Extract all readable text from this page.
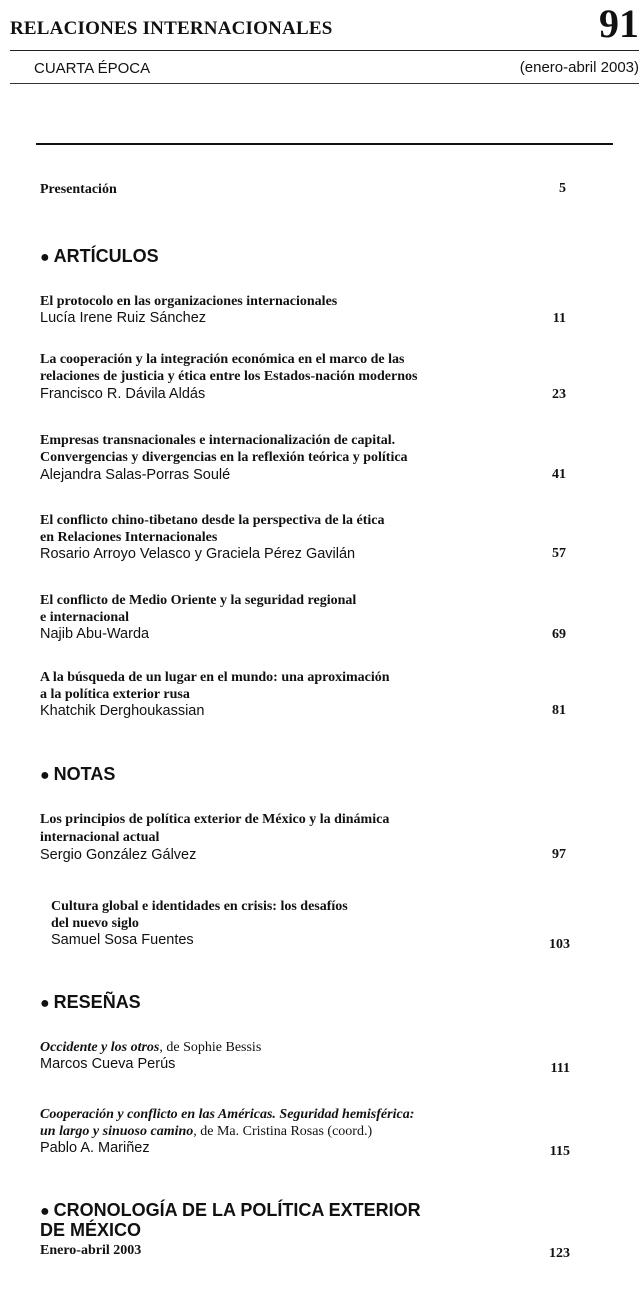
RELACIONES INTERNACIONALES	91
CUARTA ÉPOCA	(enero-abril 2003)
Presentación	5
● ARTÍCULOS
El protocolo en las organizaciones internacionales
Lucía Irene Ruiz Sánchez	11
La cooperación y la integración económica en el marco de las
relaciones de justicia y ética entre los Estados-nación modernos
Francisco R. Dávila Aldás	23
Empresas transnacionales e internacionalización de capital.
Convergencias y divergencias en la reflexión teórica y política
Alejandra Salas-Porras Soulé	41
El conflicto chino-tibetano desde la perspectiva de la ética
en Relaciones Internacionales
Rosario Arroyo Velasco y Graciela Pérez Gavilán	57
El conflicto de Medio Oriente y la seguridad regional
e internacional
Najib Abu-Warda	69
A la búsqueda de un lugar en el mundo: una aproximación
a la política exterior rusa
Khatchik Derghoukassian	81
● NOTAS
Los principios de política exterior de México y la dinámica
internacional actual
Sergio González Gálvez	97
Cultura global e identidades en crisis: los desafíos
del nuevo siglo
Samuel Sosa Fuentes	103
● RESEÑAS
Occidente y los otros, de Sophie Bessis
Marcos Cueva Perús	111
Cooperación y conflicto en las Américas. Seguridad hemisférica:
un largo y sinuoso camino, de Ma. Cristina Rosas (coord.)
Pablo A. Mariñez	115
● CRONOLOGÍA DE LA POLÍTICA EXTERIOR
DE MÉXICO
Enero-abril 2003	123
